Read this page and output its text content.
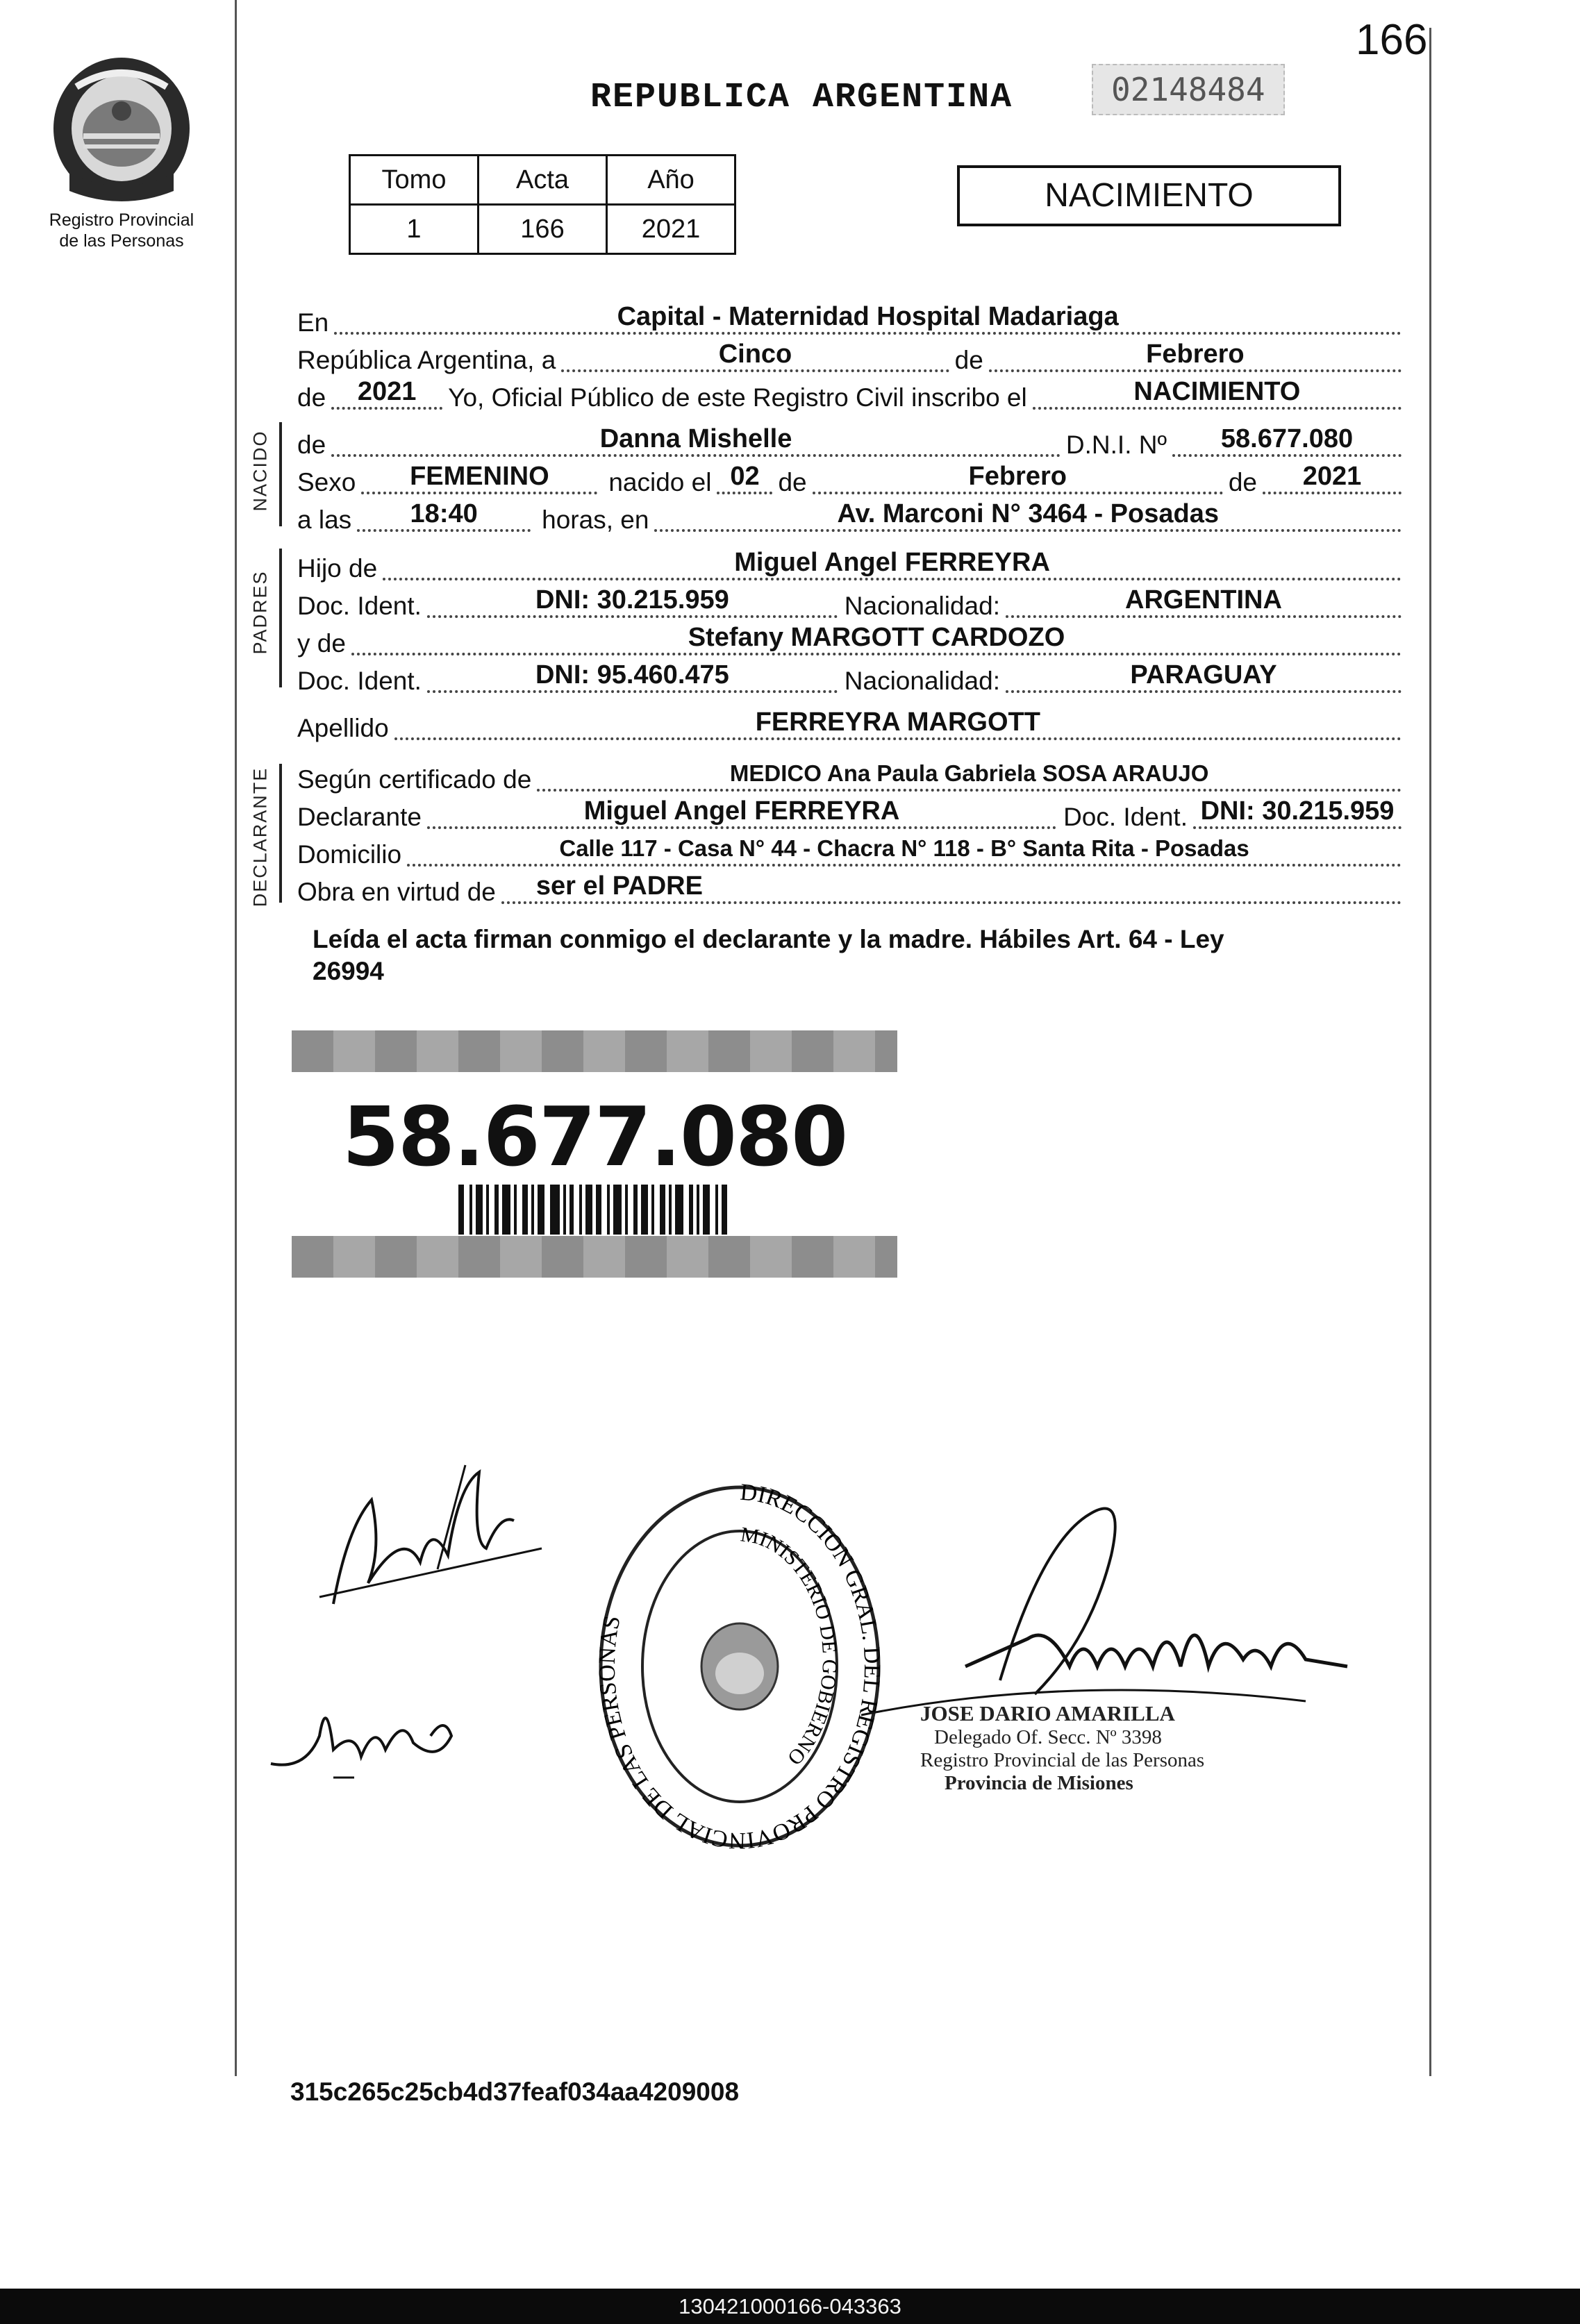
166
Registro Provincial
de las Personas
REPUBLICA ARGENTINA	02148484
Tomo	Acta	Año
1	166	2021
NACIMIENTO
En	Capital - Maternidad Hospital Madariaga
República Argentina, a	Cinco	de	Febrero
de	2021	Yo, Oficial Público de este Registro Civil inscribo el	NACIMIENTO
NACIDO de	Danna Mishelle	D.N.I. Nº	58.677.080
Sexo	FEMENINO	nacido el 02 de	Febrero	de	2021
a las	18:40	horas, en	Av. Marconi N° 3464 - Posadas
PADRES
Hijo de	Miguel Angel FERREYRA
Doc. Ident.	DNI: 30.215.959	Nacionalidad:	ARGENTINA
y de	Stefany MARGOTT CARDOZO
Doc. Ident.	DNI: 95.460.475	Nacionalidad:	PARAGUAY
Apellido	FERREYRA MARGOTT
DECLARANTE Según certificado de	MEDICO Ana Paula Gabriela SOSA ARAUJO
Declarante	Miguel Angel FERREYRA	Doc. Ident. DNI: 30.215.959
Domicilio	Calle 117 - Casa N° 44 - Chacra N° 118 - B° Santa Rita - Posadas
Obra en virtud de	ser el PADRE
Leída el acta firman conmigo el declarante y la madre. Hábiles Art. 64 - Ley
26994
58.677.080
DIRECCION GRAL. DEL REGISTRO PROVINCIAL DE LAS PERSONAS
MINISTERIO DE GOBIERNO
JOSE DARIO AMARILLA
Delegado Of. Secc. Nº 3398
Registro Provincial de las Personas
Provincia de Misiones
315c265c25cb4d37feaf034aa4209008
130421000166-043363
